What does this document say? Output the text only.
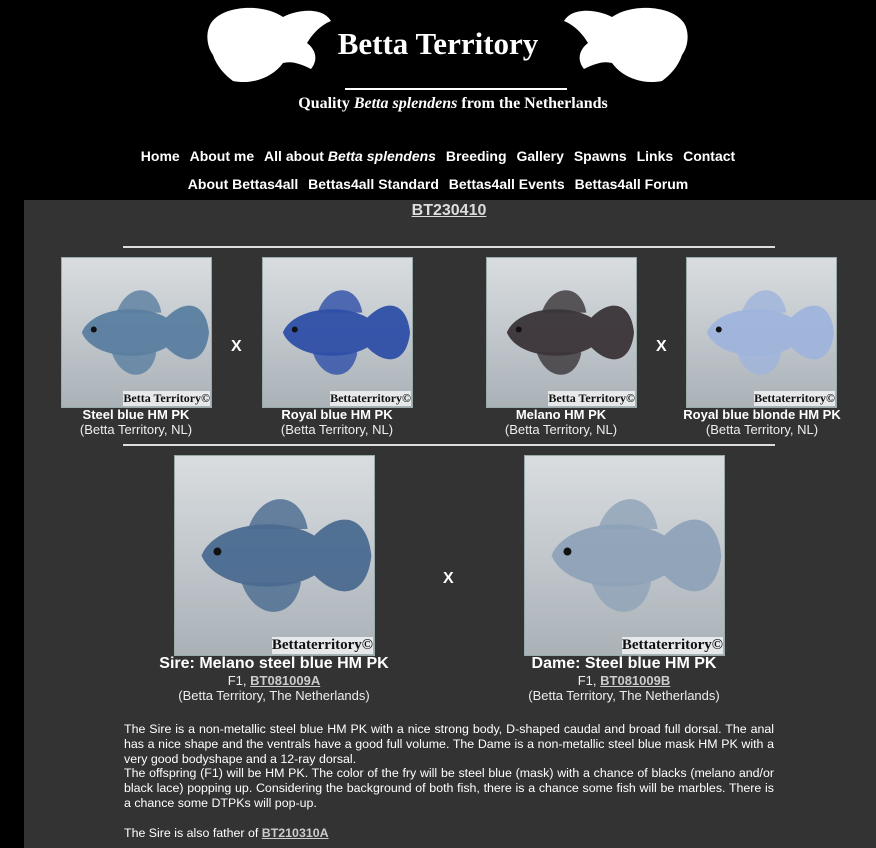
Betta Territory
Quality Betta splendens from the Netherlands
Home About me All about Betta splendens Breeding Gallery Spawns Links Contact
About Bettas4all Bettas4all Standard Bettas4all Events Bettas4all Forum
BT230410
Betta Territory©	Bettaterritory©	Betta Territory©	Bettaterritory©
X	X
Steel blue HM PK
(Betta Territory, NL)
Royal blue HM PK
(Betta Territory, NL)
Melano HM PK
(Betta Territory, NL)
Royal blue blonde HM PK
(Betta Territory, NL)
Bettaterritory©
X
Bettaterritory©
Sire: Melano steel blue HM PK
F1, BT081009A
(Betta Territory, The Netherlands)
Dame: Steel blue HM PK
F1, BT081009B
(Betta Territory, The Netherlands)

The Sire is a non-metallic steel blue HM PK with a nice strong body, D-shaped caudal and broad full dorsal. The anal has a nice shape and the ventrals have a good full volume. The Dame is a non-metallic steel blue mask HM PK with a very good bodyshape and a 12-ray dorsal.

The offspring (F1) will be HM PK. The color of the fry will be steel blue (mask) with a chance of blacks (melano and/or black lace) popping up. Considering the background of both fish, there is a chance some fish will be marbles. There is a chance some DTPKs will pop-up.

The Sire is also father of BT210310A
